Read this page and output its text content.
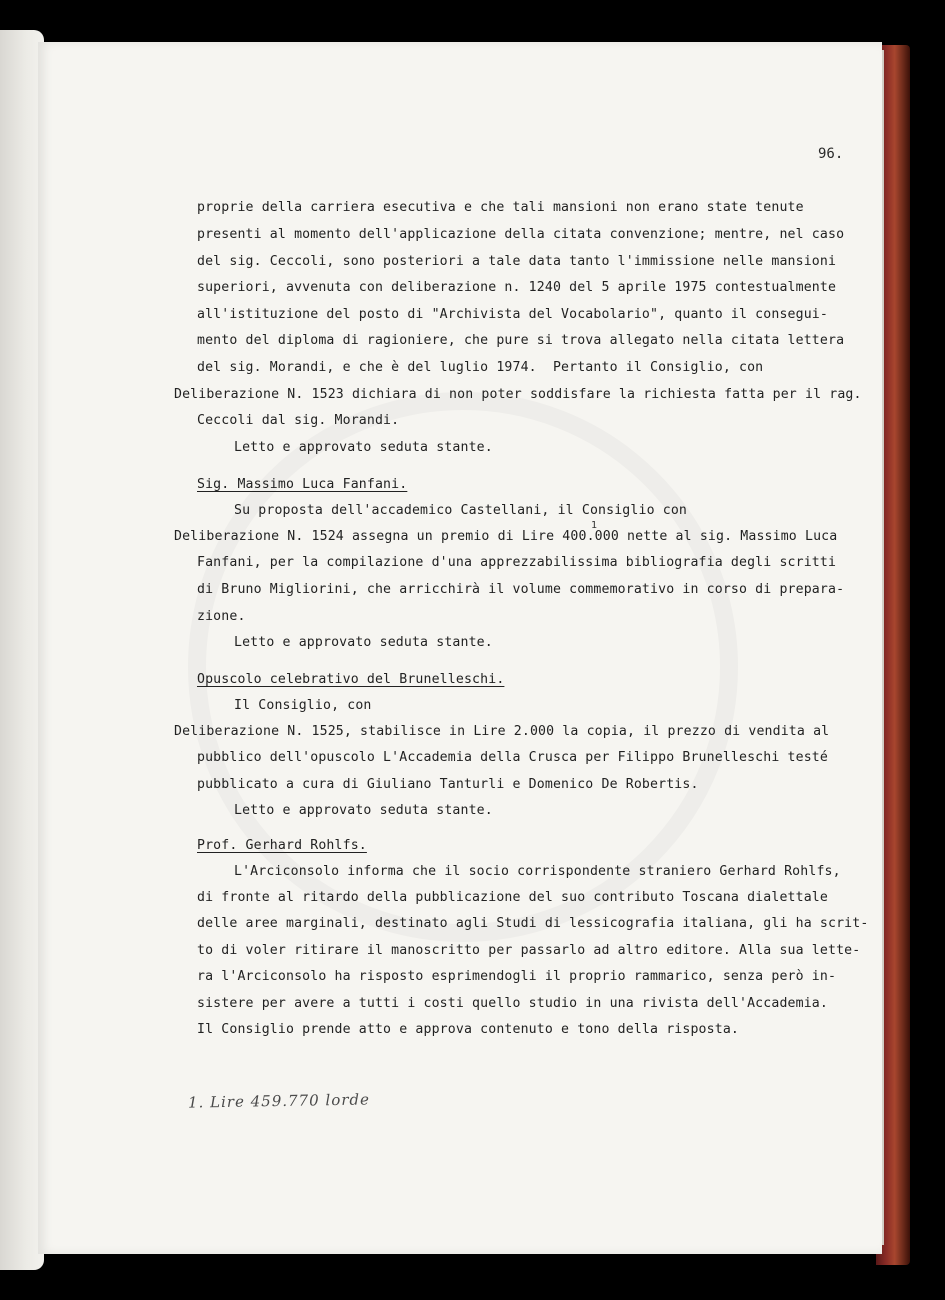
96.
proprie della carriera esecutiva e che tali mansioni non erano state tenute
presenti al momento dell'applicazione della citata convenzione; mentre, nel caso
del sig. Ceccoli, sono posteriori a tale data tanto l'immissione nelle mansioni
superiori, avvenuta con deliberazione n. 1240 del 5 aprile 1975 contestualmente
all'istituzione del posto di "Archivista del Vocabolario", quanto il consegui-
mento del diploma di ragioniere, che pure si trova allegato nella citata lettera
del sig. Morandi, e che è del luglio 1974.  Pertanto il Consiglio, con
Deliberazione N. 1523 dichiara di non poter soddisfare la richiesta fatta per il rag.
Ceccoli dal sig. Morandi.
Letto e approvato seduta stante.
Sig. Massimo Luca Fanfani.
Su proposta dell'accademico Castellani, il Consiglio con
Deliberazione N. 1524 assegna un premio di Lire 400.000 nette al sig. Massimo Luca
1
Fanfani, per la compilazione d'una apprezzabilissima bibliografia degli scritti
di Bruno Migliorini, che arricchirà il volume commemorativo in corso di prepara-
zione.
Letto e approvato seduta stante.
Opuscolo celebrativo del Brunelleschi.
Il Consiglio, con
Deliberazione N. 1525, stabilisce in Lire 2.000 la copia, il prezzo di vendita al
pubblico dell'opuscolo L'Accademia della Crusca per Filippo Brunelleschi testé
pubblicato a cura di Giuliano Tanturli e Domenico De Robertis.
Letto e approvato seduta stante.
Prof. Gerhard Rohlfs.
L'Arciconsolo informa che il socio corrispondente straniero Gerhard Rohlfs,
di fronte al ritardo della pubblicazione del suo contributo Toscana dialettale
delle aree marginali, destinato agli Studi di lessicografia italiana, gli ha scrit-
to di voler ritirare il manoscritto per passarlo ad altro editore. Alla sua lette-
ra l'Arciconsolo ha risposto esprimendogli il proprio rammarico, senza però in-
sistere per avere a tutti i costi quello studio in una rivista dell'Accademia.
Il Consiglio prende atto e approva contenuto e tono della risposta.
1. Lire 459.770 lorde
